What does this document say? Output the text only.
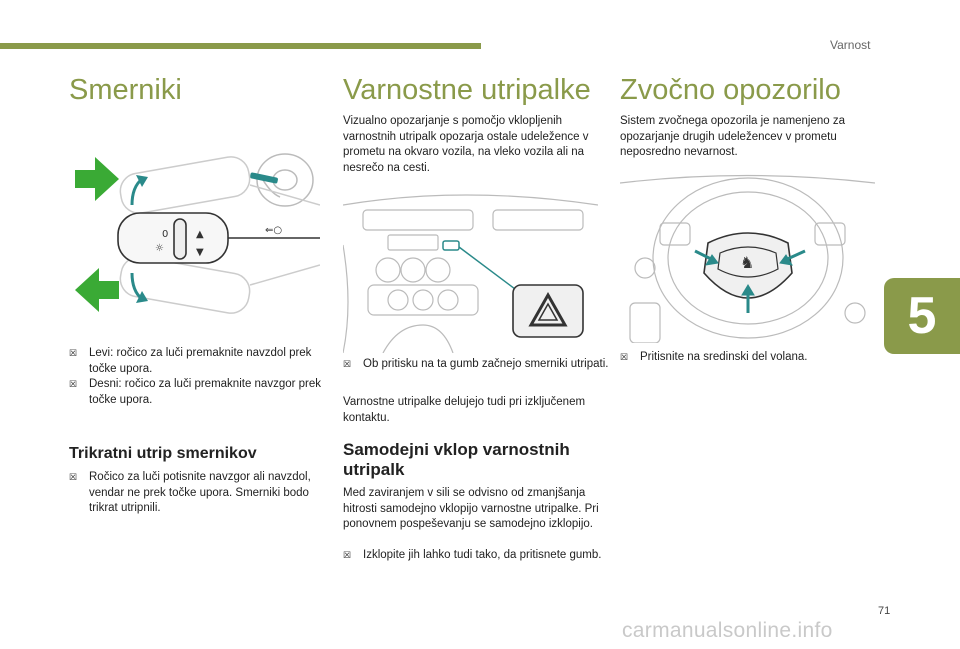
Varnost
5
Smerniki
0
☼
▲
▼
⇐○
☒ Levi: ročico za luči premaknite navzdol prek točke upora.
☒ Desni: ročico za luči premaknite navzgor prek točke upora.
Trikratni utrip smernikov
☒ Ročico za luči potisnite navzgor ali navzdol, vendar ne prek točke upora. Smerniki bodo trikrat utripnili.
Varnostne utripalke

Vizualno opozarjanje s pomočjo vklopljenih varnostnih utripalk opozarja ostale udeležence v prometu na okvaro vozila, na vleko vozila ali na nesrečo na cesti.

☒ Ob pritisku na ta gumb začnejo smerniki utripati.

Varnostne utripalke delujejo tudi pri izključenem kontaktu.

Samodejni vklop varnostnih utripalk

Med zaviranjem v sili se odvisno od zmanjšanja hitrosti samodejno vklopijo varnostne utripalke. Pri ponovnem pospeševanju se samodejno izklopijo.

☒ Izklopite jih lahko tudi tako, da pritisnete gumb.
Zvočno opozorilo

Sistem zvočnega opozorila je namenjeno za opozarjanje drugih udeležencev v prometu neposredno nevarnost.

♞
☒ Pritisnite na sredinski del volana.
71
carmanualsonline.info
